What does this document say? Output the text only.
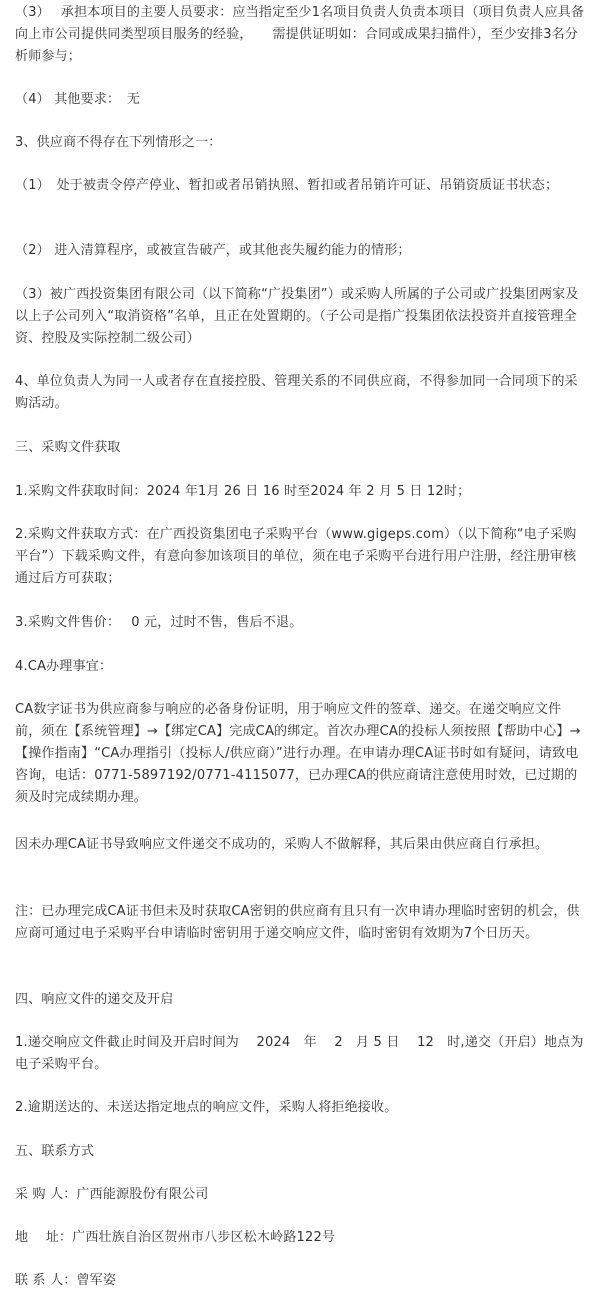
（3）　 承担本项目的主要人员要求：应当指定至少1名项目负责人负责本项目（项目负责人应具备向上市公司提供同类型项目服务的经验，　　需提供证明如：合同或成果扫描件），至少安排3名分析师参与；

（4） 其他要求：　无

3、供应商不得存在下列情形之一：

（1）　处于被责令停产停业、暂扣或者吊销执照、暂扣或者吊销许可证、吊销资质证书状态；

（2） 进入清算程序，或被宣告破产，或其他丧失履约能力的情形；

（3）被广西投资集团有限公司（以下简称“广投集团”）或采购人所属的子公司或广投集团两家及以上子公司列入“取消资格”名单，且正在处置期的。（子公司是指广投集团依法投资并直接管理全资、控股及实际控制二级公司）

4、单位负责人为同一人或者存在直接控股、管理关系的不同供应商，不得参加同一合同项下的采购活动。

三、采购文件获取

1.采购文件获取时间：2024 年1月 26 日 16 时至2024 年 2 月 5 日 12时；

2.采购文件获取方式：在广西投资集团电子采购平台（www.gigeps.com）（以下简称“电子采购平台”）下载采购文件，有意向参加该项目的单位，须在电子采购平台进行用户注册，经注册审核通过后方可获取；

3.采购文件售价：　 0 元，过时不售，售后不退。

4.CA办理事宜：

CA数字证书为供应商参与响应的必备身份证明，用于响应文件的签章、递交。在递交响应文件前，须在【系统管理】→【绑定CA】完成CA的绑定。首次办理CA的投标人须按照【帮助中心】→【操作指南】“CA办理指引（投标人/供应商）”进行办理。在申请办理CA证书时如有疑问，请致电咨询，电话：0771-5897192/0771-4115077，已办理CA的供应商请注意使用时效，已过期的须及时完成续期办理。

因未办理CA证书导致响应文件递交不成功的，采购人不做解释，其后果由供应商自行承担。

注：已办理完成CA证书但未及时获取CA密钥的供应商有且只有一次申请办理临时密钥的机会，供应商可通过电子采购平台申请临时密钥用于递交响应文件，临时密钥有效期为7个日历天。

四、响应文件的递交及开启

1.递交响应文件截止时间及开启时间为　 2024　年　 2　月 5 日　 12　时,递交（开启）地点为电子采购平台。

2.逾期送达的、未送达指定地点的响应文件，采购人将拒绝接收。

五、联系方式

采 购 人：广西能源股份有限公司

地　 址：广西壮族自治区贺州市八步区松木岭路122号

联 系 人：曾军姿
